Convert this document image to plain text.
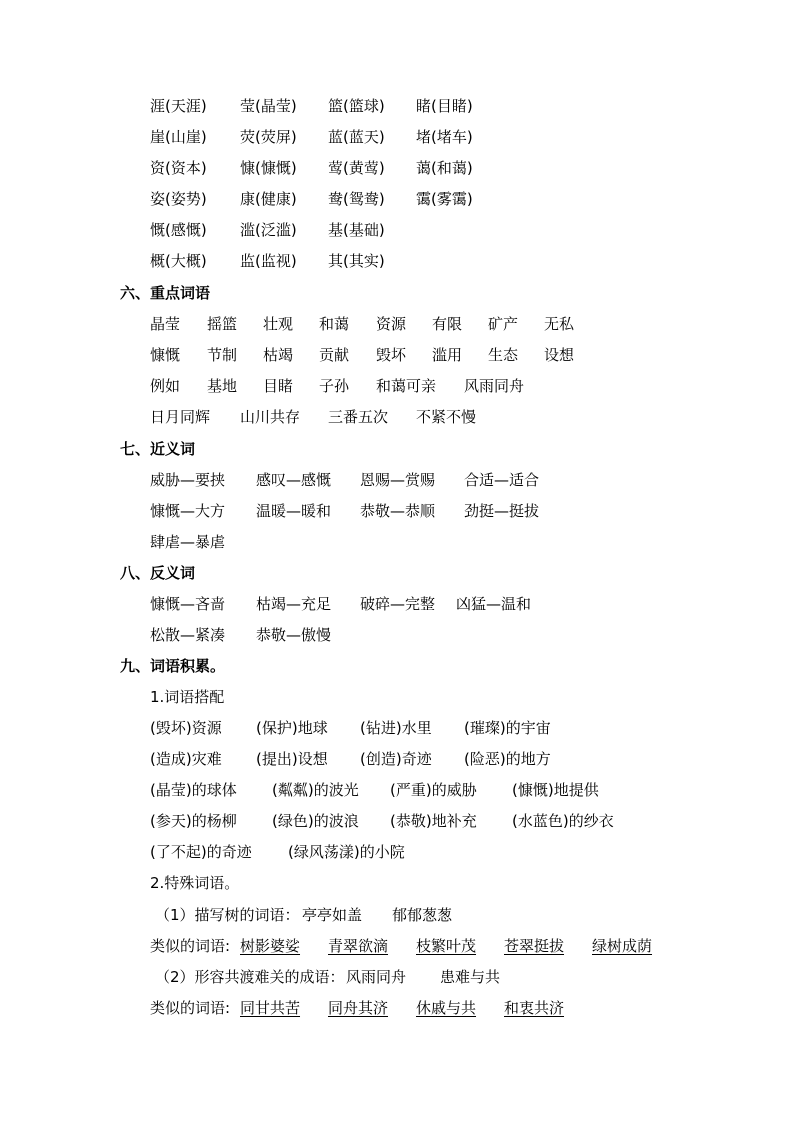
涯(天涯) 莹(晶莹) 篮(篮球) 睹(目睹)
崖(山崖) 荧(荧屏) 蓝(蓝天) 堵(堵车)
资(资本) 慷(慷慨) 莺(黄莺) 蔼(和蔼)
姿(姿势) 康(健康) 鸯(鸳鸯) 霭(雾霭)
慨(感慨) 滥(泛滥) 基(基础)
概(大概) 监(监视) 其(其实)
六、重点词语
晶莹 摇篮 壮观 和蔼 资源 有限 矿产 无私
慷慨 节制 枯竭 贡献 毁坏 滥用 生态 设想
例如 基地 目睹 子孙 和蔼可亲 风雨同舟
日月同辉 山川共存 三番五次 不紧不慢
七、近义词
威胁—要挟 感叹—感慨 恩赐—赏赐 合适—适合
慷慨—大方 温暖—暖和 恭敬—恭顺 劲挺—挺拔
肆虐—暴虐
八、反义词
慷慨—吝啬 枯竭—充足 破碎—完整 凶猛—温和
松散—紧凑 恭敬—傲慢
九、词语积累。
1.词语搭配
(毁坏)资源 (保护)地球 (钻进)水里 (璀璨)的宇宙
(造成)灾难 (提出)设想 (创造)奇迹 (险恶)的地方
(晶莹)的球体 (粼粼)的波光 (严重)的威胁 (慷慨)地提供
(参天)的杨柳 (绿色)的波浪 (恭敬)地补充 (水蓝色)的纱衣
(了不起)的奇迹 (绿风荡漾)的小院
2.特殊词语。
（1）描写树的词语： 亭亭如盖 郁郁葱葱
类似的词语: 树影婆娑 青翠欲滴 枝繁叶茂 苍翠挺拔 绿树成荫
（2）形容共渡难关的成语： 风雨同舟 患难与共
类似的词语: 同甘共苦 同舟其济 休戚与共 和衷共济
